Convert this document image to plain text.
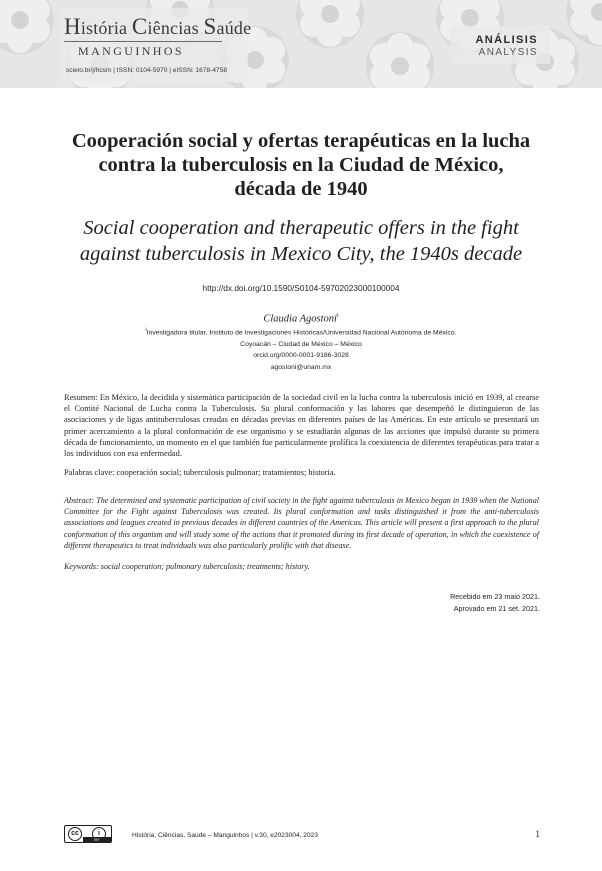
História Ciências Saúde
MANGUINHOS
scielo.br/j/hcsm | ISSN: 0104-5970 | eISSN: 1678-4758
ANÁLISIS
ANALYSIS
Cooperación social y ofertas terapéuticas en la lucha contra la tuberculosis en la Ciudad de México, década de 1940
Social cooperation and therapeutic offers in the fight against tuberculosis in Mexico City, the 1940s decade
http://dx.doi.org/10.1590/S0104-59702023000100004
Claudia Agostoni$^i$
$^i$Investigadora titular, Instituto de Investigaciones Históricas/Universidad Nacional Autónoma de México.
Coyoacán – Ciudad de México – México
orcid.org/0000-0001-9186-3028
agostoni@unam.mx
Resumen: En México, la decidida y sistemática participación de la sociedad civil en la lucha contra la tuberculosis inició en 1939, al crearse el Comité Nacional de Lucha contra la Tuberculosis. Su plural conformación y las labores que desempeñó le distinguieron de las asociaciones y de ligas antituberculosas creadas en décadas previas en diferentes países de las Américas. En este artículo se presentará un primer acercamiento a la plural conformación de ese organismo y se estudiarán algunas de las acciones que impulsó durante su primera década de funcionamiento, un momento en el que también fue particularmente prolífica la coexistencia de diferentes terapéuticas para tratar a los individuos con esa enfermedad.
Palabras clave: cooperación social; tuberculosis pulmonar; tratamientos; historia.
Abstract: The determined and systematic participation of civil society in the fight against tuberculosis in Mexico began in 1939 when the National Committee for the Fight against Tuberculosis was created. Its plural conformation and tasks distinguished it from the anti-tuberculosis associations and leagues created in previous decades in different countries of the Americas. This article will present a first approach to the plural conformation of this organism and will study some of the actions that it promoted during its first decade of operation, in which the coexistence of different therapeutics to treat individuals was also particularly prolific with that disease.
Keywords: social cooperation; pulmonary tuberculosis; treatments; history.
Recebido em 23 maio 2021.
Aprovado em 21 set. 2021.
cc	i
BY
História, Ciências, Saúde – Manguinhos | v.30, e2023004, 2023	1
